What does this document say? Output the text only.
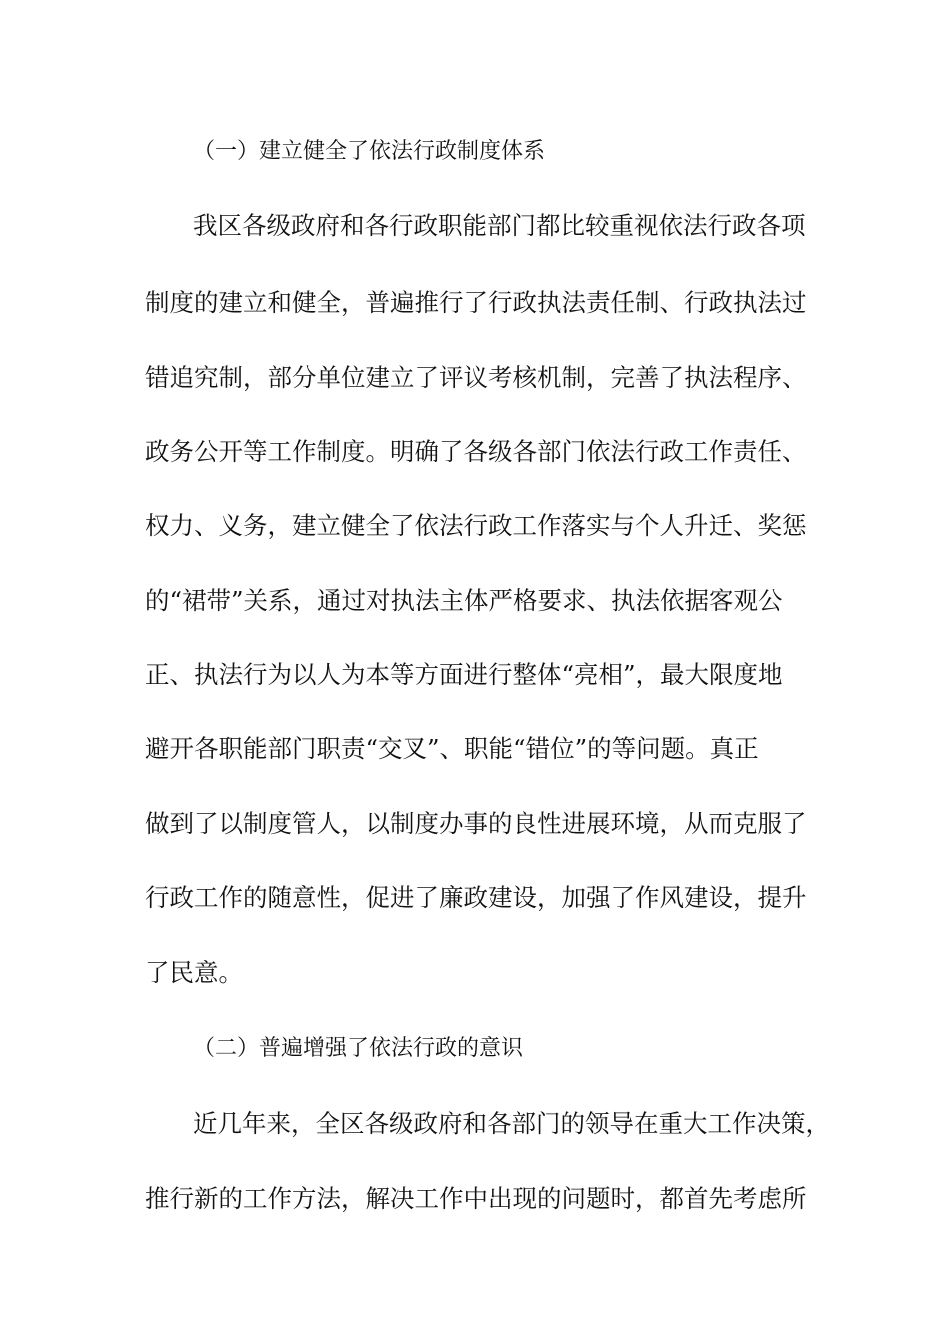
（一）建立健全了依法行政制度体系
我区各级政府和各行政职能部门都比较重视依法行政各项
制度的建立和健全，普遍推行了行政执法责任制、行政执法过
错追究制，部分单位建立了评议考核机制，完善了执法程序、
政务公开等工作制度。明确了各级各部门依法行政工作责任、
权力、义务，建立健全了依法行政工作落实与个人升迁、奖惩
的“裙带”关系，通过对执法主体严格要求、执法依据客观公
正、执法行为以人为本等方面进行整体“亮相”，最大限度地
避开各职能部门职责“交叉”、职能“错位”的等问题。真正
做到了以制度管人，以制度办事的良性进展环境，从而克服了
行政工作的随意性，促进了廉政建设，加强了作风建设，提升
了民意。
（二）普遍增强了依法行政的意识
近几年来，全区各级政府和各部门的领导在重大工作决策，
推行新的工作方法，解决工作中出现的问题时，都首先考虑所
